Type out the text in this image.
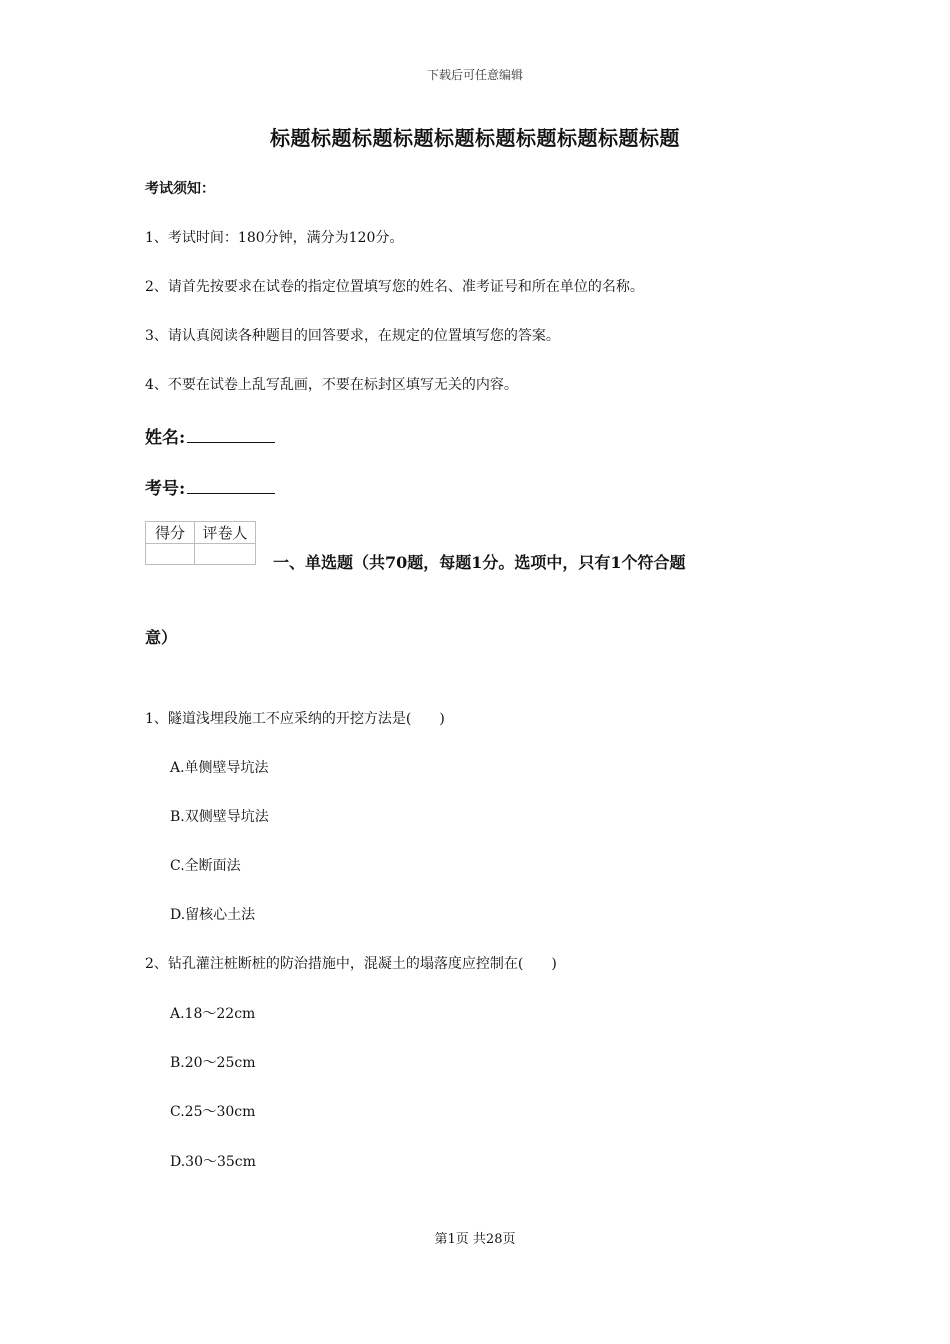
下载后可任意编辑
标题标题标题标题标题标题标题标题标题标题
考试须知：
1、考试时间：180分钟，满分为120分。
2、请首先按要求在试卷的指定位置填写您的姓名、准考证号和所在单位的名称。
3、请认真阅读各种题目的回答要求，在规定的位置填写您的答案。
4、不要在试卷上乱写乱画，不要在标封区填写无关的内容。
姓名:
考号:
得分	评卷人

一、单选题（共70题，每题1分。选项中，只有1个符合题
意）
1、隧道浅埋段施工不应采纳的开挖方法是(　　)
A.单侧壁导坑法
B.双侧壁导坑法
C.全断面法
D.留核心土法
2、钻孔灌注桩断桩的防治措施中，混凝土的塌落度应控制在(　　)
A.18～22cm
B.20～25cm
C.25～30cm
D.30～35cm
第1页 共28页
